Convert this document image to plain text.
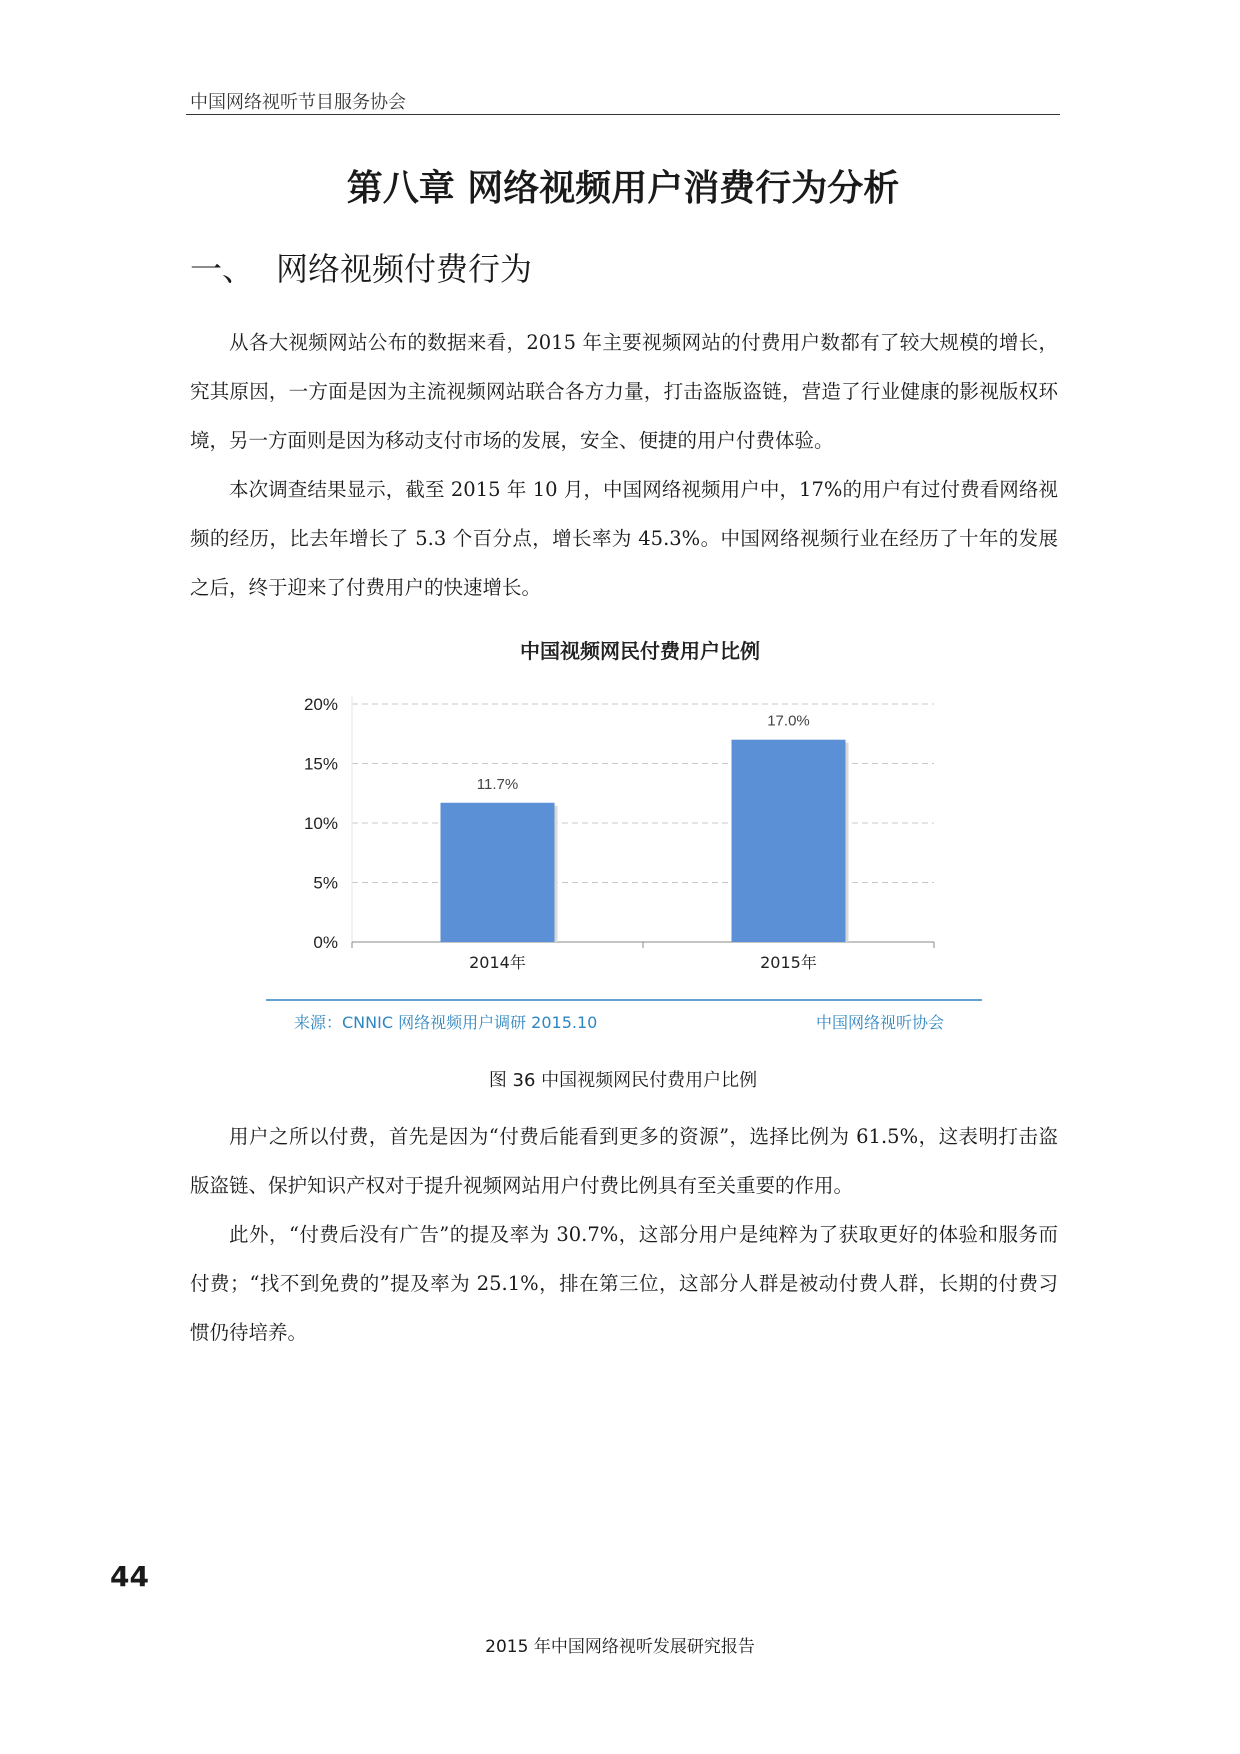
中国网络视听节目服务协会
第八章 网络视频用户消费行为分析
一、 网络视频付费行为

从各大视频网站公布的数据来看，2015 年主要视频网站的付费用户数都有了较大规模的增长，究其原因，一方面是因为主流视频网站联合各方力量，打击盗版盗链，营造了行业健康的影视版权环境，另一方面则是因为移动支付市场的发展，安全、便捷的用户付费体验。

本次调查结果显示，截至 2015 年 10 月，中国网络视频用户中，17%的用户有过付费看网络视频的经历，比去年增长了 5.3 个百分点，增长率为 45.3%。中国网络视频行业在经历了十年的发展之后，终于迎来了付费用户的快速增长。

中国视频网民付费用户比例
0%
5%
10%
15%
20%
11.7%
2014年
17.0%
2015年
来源：CNNIC 网络视频用户调研 2015.10	中国网络视听协会
图 36 中国视频网民付费用户比例

用户之所以付费，首先是因为“付费后能看到更多的资源”，选择比例为 61.5%，这表明打击盗版盗链、保护知识产权对于提升视频网站用户付费比例具有至关重要的作用。

此外，“付费后没有广告”的提及率为 30.7%，这部分用户是纯粹为了获取更好的体验和服务而付费；“找不到免费的”提及率为 25.1%，排在第三位，这部分人群是被动付费人群，长期的付费习惯仍待培养。

44
2015 年中国网络视听发展研究报告
